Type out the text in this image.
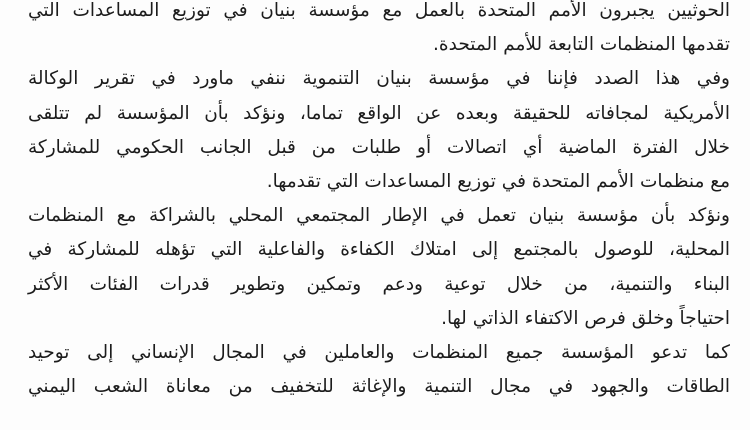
الحوثيين يجبرون الأمم المتحدة بالعمل مع مؤسسة بنيان في توزيع المساعدات التي
تقدمها المنظمات التابعة للأمم المتحدة.
وفي هذا الصدد فإننا في مؤسسة بنيان التنموية ننفي ماورد في تقرير الوكالة
الأمريكية لمجافاته للحقيقة وبعده عن الواقع تماما، ونؤكد بأن المؤسسة لم تتلقى
خلال الفترة الماضية أي اتصالات أو طلبات من قبل الجانب الحكومي للمشاركة
مع منظمات الأمم المتحدة في توزيع المساعدات التي تقدمها.
ونؤكد بأن مؤسسة بنيان تعمل في الإطار المجتمعي المحلي بالشراكة مع المنظمات
المحلية، للوصول بالمجتمع إلى امتلاك الكفاءة والفاعلية التي تؤهله للمشاركة في
البناء والتنمية، من خلال توعية ودعم وتمكين وتطوير قدرات الفئات الأكثر
احتياجاً وخلق فرص الاكتفاء الذاتي لها.
كما تدعو المؤسسة جميع المنظمات والعاملين في المجال الإنساني إلى توحيد
الطاقات والجهود في مجال التنمية والإغاثة للتخفيف من معاناة الشعب اليمني
